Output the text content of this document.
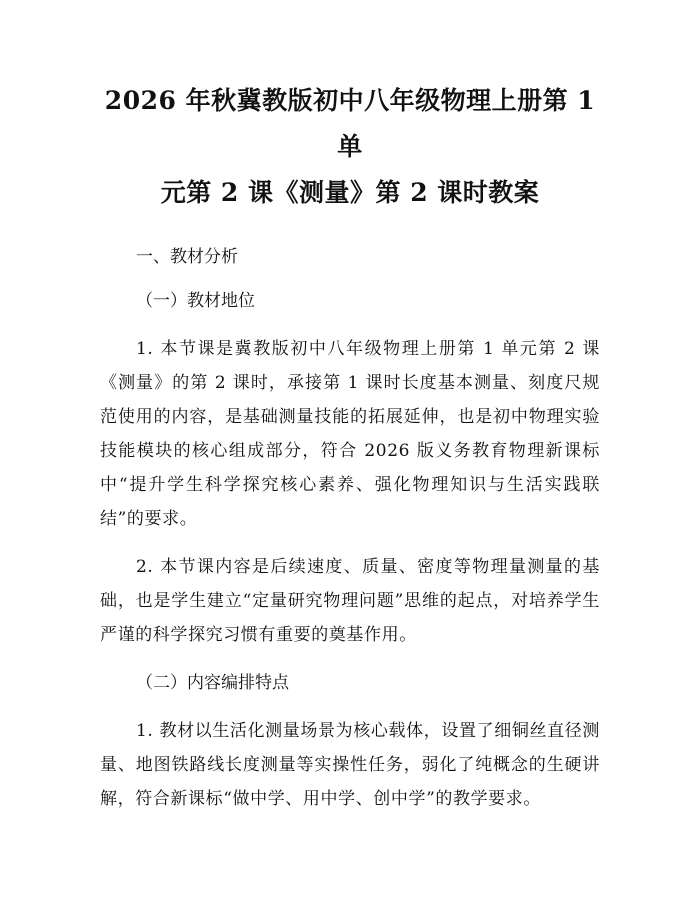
2026 年秋冀教版初中八年级物理上册第 1 单
元第 2 课《测量》第 2 课时教案

一、教材分析

（一）教材地位

1. 本节课是冀教版初中八年级物理上册第 1 单元第 2 课《测量》的第 2 课时，承接第 1 课时长度基本测量、刻度尺规范使用的内容，是基础测量技能的拓展延伸，也是初中物理实验技能模块的核心组成部分，符合 2026 版义务教育物理新课标中“提升学生科学探究核心素养、强化物理知识与生活实践联结”的要求。

2. 本节课内容是后续速度、质量、密度等物理量测量的基础，也是学生建立“定量研究物理问题”思维的起点，对培养学生严谨的科学探究习惯有重要的奠基作用。

（二）内容编排特点

1. 教材以生活化测量场景为核心载体，设置了细铜丝直径测量、地图铁路线长度测量等实操性任务，弱化了纯概念的生硬讲解，符合新课标“做中学、用中学、创中学”的教学要求。
